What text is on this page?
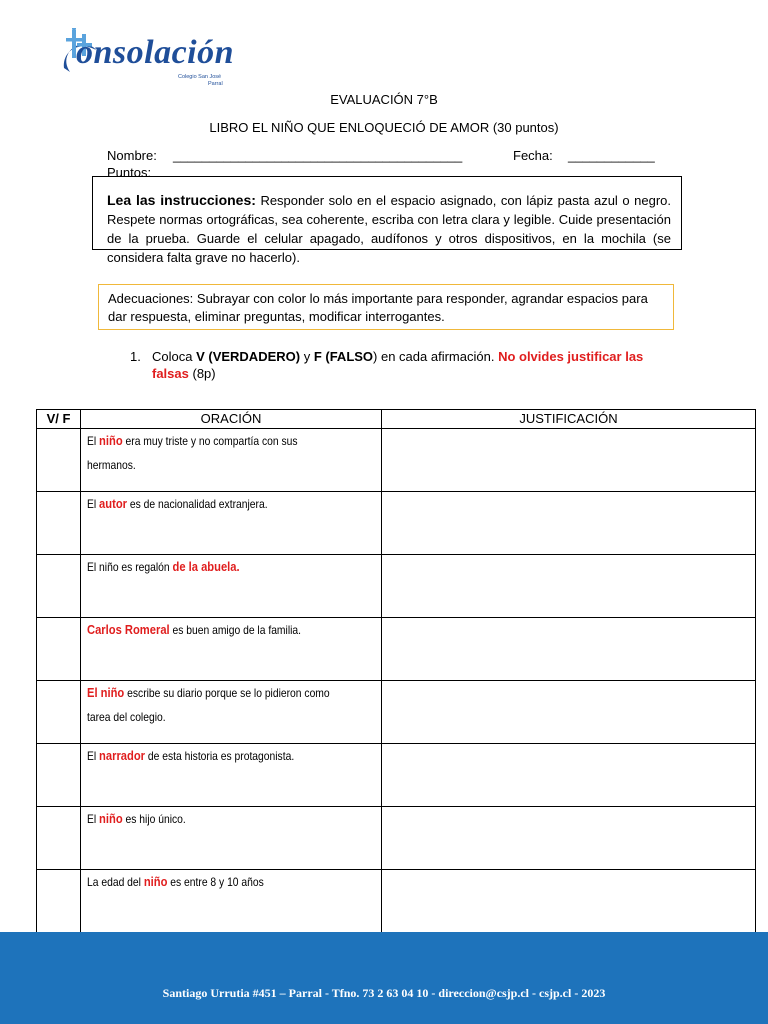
onsolación
Colegio San José
Parral
EVALUACIÓN 7°B
LIBRO EL NIÑO QUE ENLOQUECIÓ DE AMOR (30 puntos)
Nombre: ________________________________________	Fecha: ____________
Puntos:
Lea las instrucciones: Responder solo en el espacio asignado, con lápiz pasta azul o negro. Respete normas ortográficas, sea coherente, escriba con letra clara y legible. Cuide presentación de la prueba. Guarde el celular apagado, audífonos y otros dispositivos, en la mochila (se considera falta grave no hacerlo).
Adecuaciones: Subrayar con color lo más importante para responder, agrandar espacios para dar respuesta, eliminar preguntas, modificar interrogantes.
1. Coloca V (VERDADERO) y F (FALSO) en cada afirmación. No olvides justificar las falsas (8p)
V/ F	ORACIÓN	JUSTIFICACIÓN
	El niño era muy triste y no compartía con sus hermanos.	
	El autor es de nacionalidad extranjera.	
	El niño es regalón de la abuela.	
	Carlos Romeral es buen amigo de la familia.	
	El niño escribe su diario porque se lo pidieron como tarea del colegio.	
	El narrador de esta historia es protagonista.	
	El niño es hijo único.	
	La edad del niño es entre 8 y 10 años	
Santiago Urrutia #451 – Parral - Tfno. 73 2 63 04 10 - direccion@csjp.cl - csjp.cl - 2023
